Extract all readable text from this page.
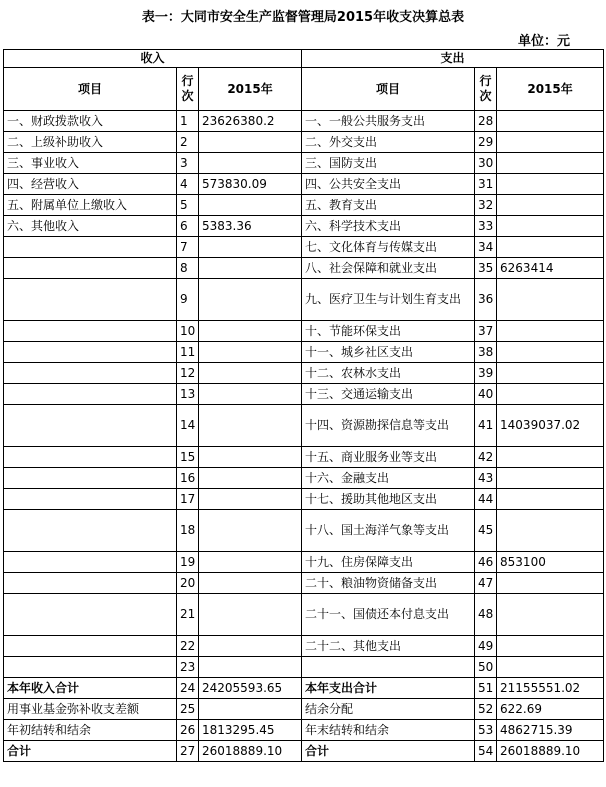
表一：大同市安全生产监督管理局2015年收支决算总表
单位：元
收入			支出		
项目	行次	2015年	项目	行次	2015年
一、财政拨款收入	1	23626380.2	一、一般公共服务支出	28	
二、上级补助收入	2		二、外交支出	29	
三、事业收入	3		三、国防支出	30	
四、经营收入	4	573830.09	四、公共安全支出	31	
五、附属单位上缴收入	5		五、教育支出	32	
六、其他收入	6	5383.36	六、科学技术支出	33	
	7		七、文化体育与传媒支出	34	
	8		八、社会保障和就业支出	35	6263414
	9		九、医疗卫生与计划生育支出	36	
	10		十、节能环保支出	37	
	11		十一、城乡社区支出	38	
	12		十二、农林水支出	39	
	13		十三、交通运输支出	40	
	14		十四、资源勘探信息等支出	41	14039037.02
	15		十五、商业服务业等支出	42	
	16		十六、金融支出	43	
	17		十七、援助其他地区支出	44	
	18		十八、国土海洋气象等支出	45	
	19		十九、住房保障支出	46	853100
	20		二十、粮油物资储备支出	47	
	21		二十一、国债还本付息支出	48	
	22		二十二、其他支出	49	
	23			50	
本年收入合计	24	24205593.65	本年支出合计	51	21155551.02
用事业基金弥补收支差额	25		结余分配	52	622.69
年初结转和结余	26	1813295.45	年末结转和结余	53	4862715.39
合计	27	26018889.10	合计	54	26018889.10
